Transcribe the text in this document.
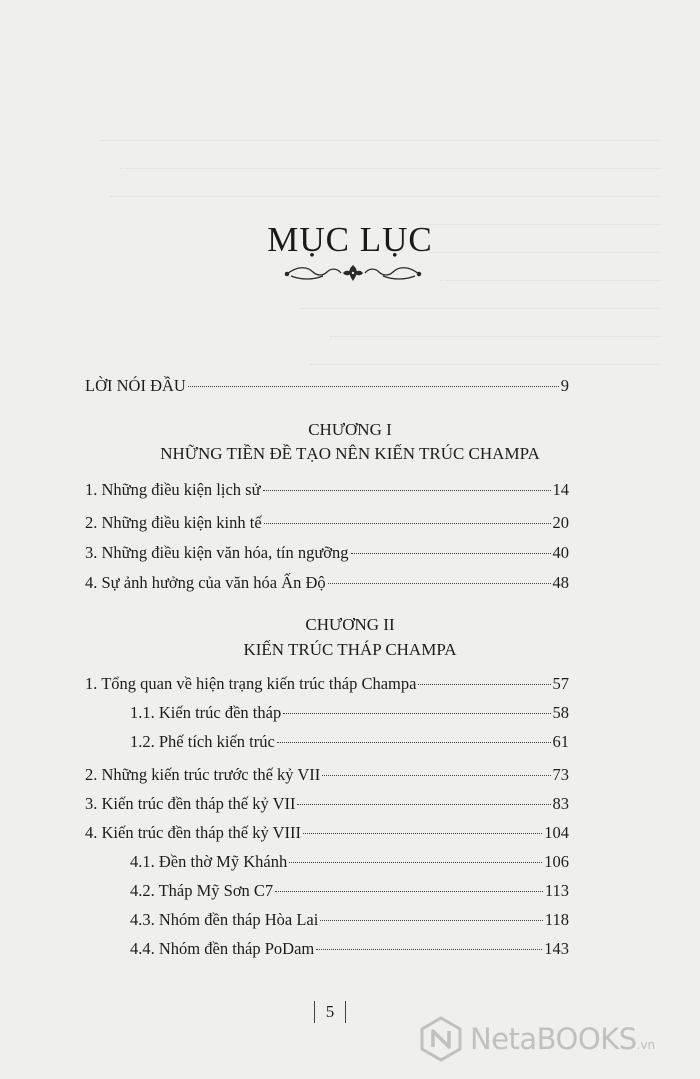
MỤC LỤC
LỜI NÓI ĐẦU	9
CHƯƠNG I
NHỮNG TIỀN ĐỀ TẠO NÊN KIẾN TRÚC CHAMPA
1. Những điều kiện lịch sử	14
2. Những điều kiện kinh tế	20
3. Những điều kiện văn hóa, tín ngưỡng	40
4. Sự ảnh hưởng của văn hóa Ấn Độ	48
CHƯƠNG II
KIẾN TRÚC THÁP CHAMPA
1. Tổng quan về hiện trạng kiến trúc tháp Champa	57
1.1. Kiến trúc đền tháp	58
1.2. Phế tích kiến trúc	61
2. Những kiến trúc trước thế kỷ VII	73
3. Kiến trúc đền tháp thế kỷ VII	83
4. Kiến trúc đền tháp thế kỷ VIII	104
4.1. Đền thờ Mỹ Khánh	106
4.2. Tháp Mỹ Sơn C7	113
4.3. Nhóm đền tháp Hòa Lai	118
4.4. Nhóm đền tháp PoDam	143
5
NetaBOOKS.vn
